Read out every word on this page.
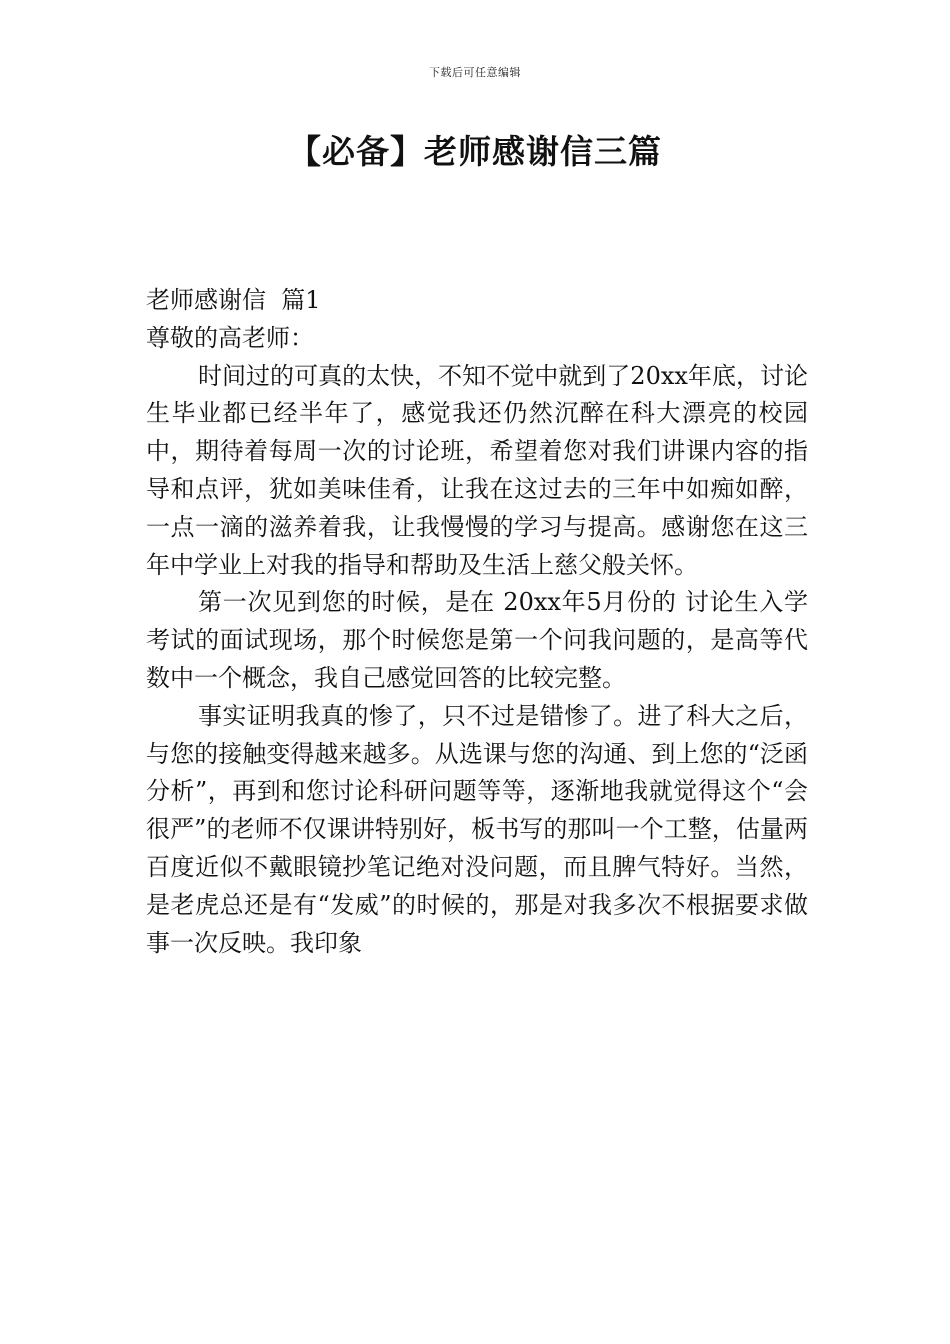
下载后可任意编辑
【必备】老师感谢信三篇
老师感谢信  篇1
尊敬的高老师：

时间过的可真的太快，不知不觉中就到了20xx年底，讨论生毕业都已经半年了，感觉我还仍然沉醉在科大漂亮的校园中，期待着每周一次的讨论班，希望着您对我们讲课内容的指导和点评，犹如美味佳肴，让我在这过去的三年中如痴如醉，一点一滴的滋养着我，让我慢慢的学习与提高。感谢您在这三年中学业上对我的指导和帮助及生活上慈父般关怀。

第一次见到您的时候，是在 20xx年5月份的 讨论生入学考试的面试现场，那个时候您是第一个问我问题的，是高等代数中一个概念，我自己感觉回答的比较完整。

事实证明我真的惨了，只不过是错惨了。进了科大之后，与您的接触变得越来越多。从选课与您的沟通、到上您的“泛函分析”，再到和您讨论科研问题等等，逐渐地我就觉得这个“会很严”的老师不仅课讲特别好，板书写的那叫一个工整，估量两百度近似不戴眼镜抄笔记绝对没问题，而且脾气特好。当然，是老虎总还是有“发威”的时候的，那是对我多次不根据要求做事一次反映。我印象
